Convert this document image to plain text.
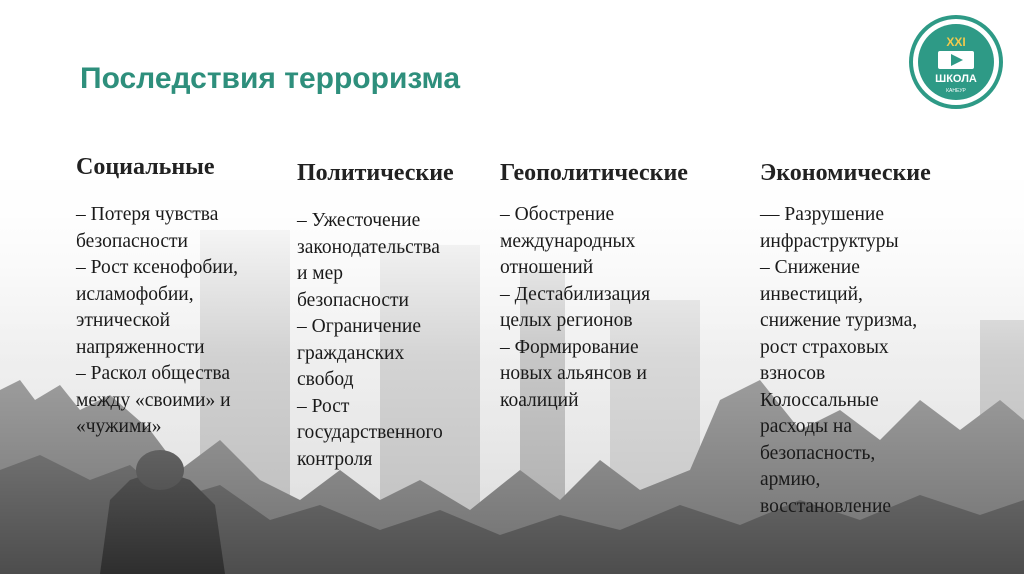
Последствия терроризма
XXI
ШКОЛА
КАНЕУР
Социальные
– Потеря чувства
безопасности
– Рост ксенофобии,
исламофобии,
этнической
напряженности
– Раскол общества
между «своими» и
«чужими»
Политические
– Ужесточение
законодательства
и мер
безопасности
– Ограничение
гражданских
свобод
– Рост
государственного
контроля
Геополитические
– Обострение
международных
отношений
– Дестабилизация
целых регионов
– Формирование
новых альянсов и
коалиций
Экономические
— Разрушение
инфраструктуры
– Снижение
инвестиций,
снижение туризма,
рост страховых
взносов
Колоссальные
расходы на
безопасность,
армию,
восстановление
